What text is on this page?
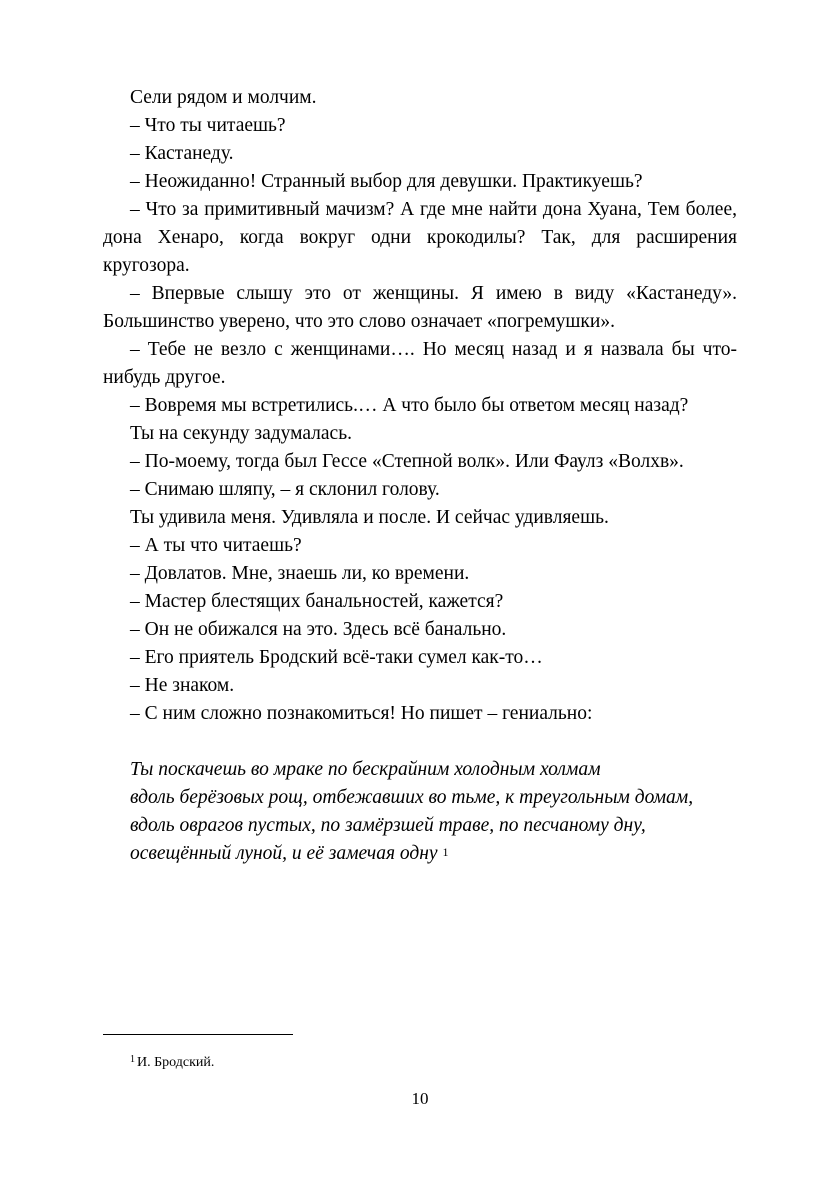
Сели рядом и молчим.

– Что ты читаешь?

– Кастанеду.

– Неожиданно! Странный выбор для девушки. Практикуешь?

– Что за примитивный мачизм? А где мне найти дона Хуана, Тем более, дона Хенаро, когда вокруг одни крокодилы? Так, для расширения кругозора.

– Впервые слышу это от женщины. Я имею в виду «Кастанеду». Большинство уверено, что это слово означает «погремушки».

– Тебе не везло с женщинами…. Но месяц назад и я назвала бы что-нибудь другое.

– Вовремя мы встретились.… А что было бы ответом месяц назад?

Ты на секунду задумалась.

– По-моему, тогда был Гессе «Степной волк». Или Фаулз «Волхв».

– Снимаю шляпу, – я склонил голову.

Ты удивила меня. Удивляла и после. И сейчас удивляешь.

– А ты что читаешь?

– Довлатов. Мне, знаешь ли, ко времени.

– Мастер блестящих банальностей, кажется?

– Он не обижался на это. Здесь всё банально.

– Его приятель Бродский всё-таки сумел как-то…

– Не знаком.

– С ним сложно познакомиться! Но пишет – гениально:

Ты поскачешь во мраке по бескрайним холодным холмам

вдоль берёзовых рощ, отбежавших во тьме, к треугольным домам,

вдоль оврагов пустых, по замёрзшей траве, по песчаному дну,

освещённый луной, и её замечая одну $^1$

$^1$ И. Бродский.
10
